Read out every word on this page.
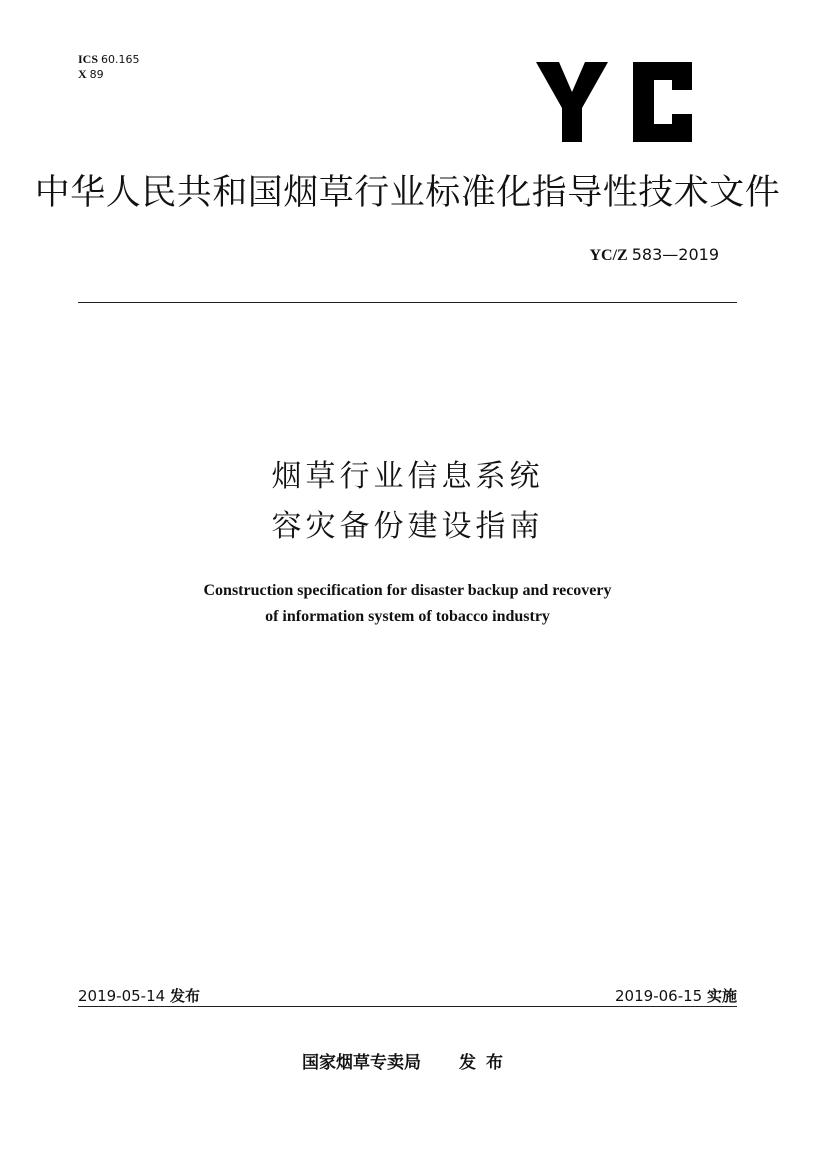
ICS 60.165
X 89
中华人民共和国烟草行业标准化指导性技术文件
YC/Z 583—2019
烟草行业信息系统
容灾备份建设指南
Construction specification for disaster backup and recovery
of information system of tobacco industry
2019-05-14 发布	2019-06-15 实施
国家烟草专卖局 发布
